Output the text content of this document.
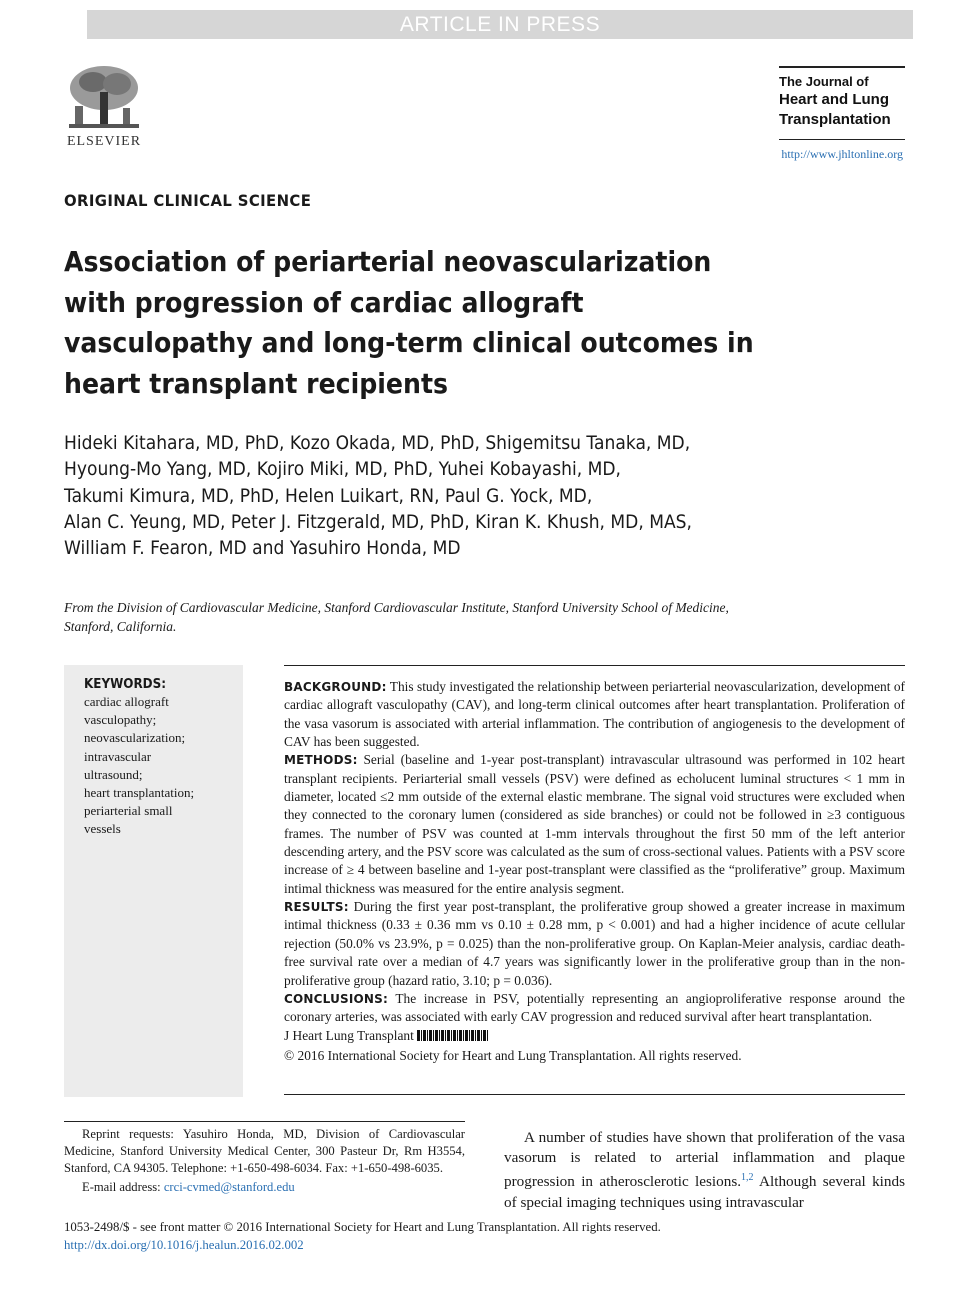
ARTICLE IN PRESS
ELSEVIER
The Journal of
Heart and Lung
Transplantation
http://www.jhltonline.org
ORIGINAL CLINICAL SCIENCE
Association of periarterial neovascularization with progression of cardiac allograft vasculopathy and long-term clinical outcomes in heart transplant recipients
Hideki Kitahara, MD, PhD, Kozo Okada, MD, PhD, Shigemitsu Tanaka, MD,
Hyoung-Mo Yang, MD, Kojiro Miki, MD, PhD, Yuhei Kobayashi, MD,
Takumi Kimura, MD, PhD, Helen Luikart, RN, Paul G. Yock, MD,
Alan C. Yeung, MD, Peter J. Fitzgerald, MD, PhD, Kiran K. Khush, MD, MAS,
William F. Fearon, MD and Yasuhiro Honda, MD
From the Division of Cardiovascular Medicine, Stanford Cardiovascular Institute, Stanford University School of Medicine, Stanford, California.
KEYWORDS:
cardiac allograft
vasculopathy;
neovascularization;
intravascular
ultrasound;
heart transplantation;
periarterial small
vessels

BACKGROUND: This study investigated the relationship between periarterial neovascularization, development of cardiac allograft vasculopathy (CAV), and long-term clinical outcomes after heart transplantation. Proliferation of the vasa vasorum is associated with arterial inflammation. The contribution of angiogenesis to the development of CAV has been suggested.

METHODS: Serial (baseline and 1-year post-transplant) intravascular ultrasound was performed in 102 heart transplant recipients. Periarterial small vessels (PSV) were defined as echolucent luminal structures < 1 mm in diameter, located ≤2 mm outside of the external elastic membrane. The signal void structures were excluded when they connected to the coronary lumen (considered as side branches) or could not be followed in ≥3 contiguous frames. The number of PSV was counted at 1-mm intervals throughout the first 50 mm of the left anterior descending artery, and the PSV score was calculated as the sum of cross-sectional values. Patients with a PSV score increase of ≥ 4 between baseline and 1-year post-transplant were classified as the “proliferative” group. Maximum intimal thickness was measured for the entire analysis segment.

RESULTS: During the first year post-transplant, the proliferative group showed a greater increase in maximum intimal thickness (0.33 ± 0.36 mm vs 0.10 ± 0.28 mm, p < 0.001) and had a higher incidence of acute cellular rejection (50.0% vs 23.9%, p = 0.025) than the non-proliferative group. On Kaplan-Meier analysis, cardiac death-free survival rate over a median of 4.7 years was significantly lower in the proliferative group than in the non-proliferative group (hazard ratio, 3.10; p = 0.036).

CONCLUSIONS: The increase in PSV, potentially representing an angioproliferative response around the coronary arteries, was associated with early CAV progression and reduced survival after heart transplantation.

J Heart Lung Transplant

© 2016 International Society for Heart and Lung Transplantation. All rights reserved.

Reprint requests: Yasuhiro Honda, MD, Division of Cardiovascular Medicine, Stanford University Medical Center, 300 Pasteur Dr, Rm H3554, Stanford, CA 94305. Telephone: +1-650-498-6034. Fax: +1-650-498-6035.

E-mail address: crci-cvmed@stanford.edu

A number of studies have shown that proliferation of the vasa vasorum is related to arterial inflammation and plaque progression in atherosclerotic lesions.$^{1,2}$ Although several kinds of special imaging techniques using intravascular

1053-2498/$ - see front matter © 2016 International Society for Heart and Lung Transplantation. All rights reserved.
http://dx.doi.org/10.1016/j.healun.2016.02.002
